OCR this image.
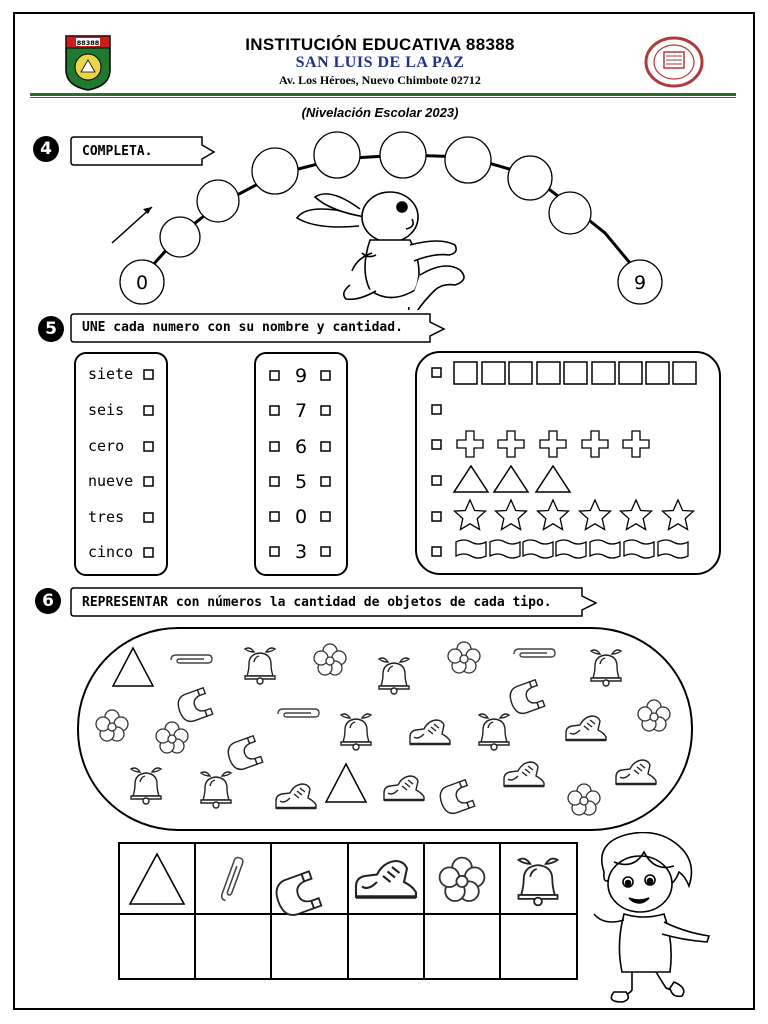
88388	INSTITUCIÓN EDUCATIVA 88388
SAN LUIS DE LA PAZ
Av. Los Héroes, Nuevo Chimbote 02712
(Nivelación Escolar 2023)
4	COMPLETA.
0	9
5	UNE cada numero con su nombre y cantidad.
siete
seis
cero
nueve
tres
cinco
9
7
6
5
0
3
6	REPRESENTAR con números la cantidad de objetos de cada tipo.
